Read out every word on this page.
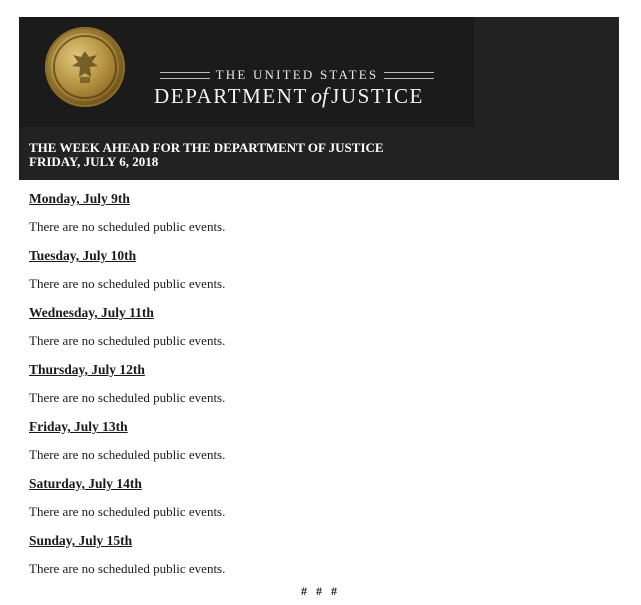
THE UNITED STATES
DEPARTMENT of JUSTICE
THE WEEK AHEAD FOR THE DEPARTMENT OF JUSTICE
FRIDAY, JULY 6, 2018
Monday, July 9th
There are no scheduled public events.
Tuesday, July 10th
There are no scheduled public events.
Wednesday, July 11th
There are no scheduled public events.
Thursday, July 12th
There are no scheduled public events.
Friday, July 13th
There are no scheduled public events.
Saturday, July 14th
There are no scheduled public events.
Sunday, July 15th
There are no scheduled public events.
# # #
